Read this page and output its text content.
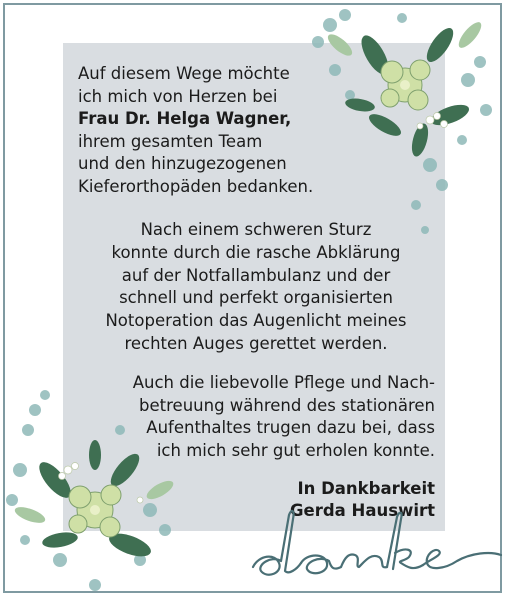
Auf diesem Wege möchte
ich mich von Herzen bei
Frau Dr. Helga Wagner,
ihrem gesamten Team
und den hinzugezogenen
Kieferorthopäden bedanken.

Nach einem schweren Sturz
konnte durch die rasche Abklärung
auf der Notfallambulanz und der
schnell und perfekt organisierten
Notoperation das Augenlicht meines
rechten Auges gerettet werden.

Auch die liebevolle Pflege und Nach-
betreuung während des stationären
Aufenthaltes trugen dazu bei, dass
ich mich sehr gut erholen konnte.

In Dankbarkeit
Gerda Hauswirt
